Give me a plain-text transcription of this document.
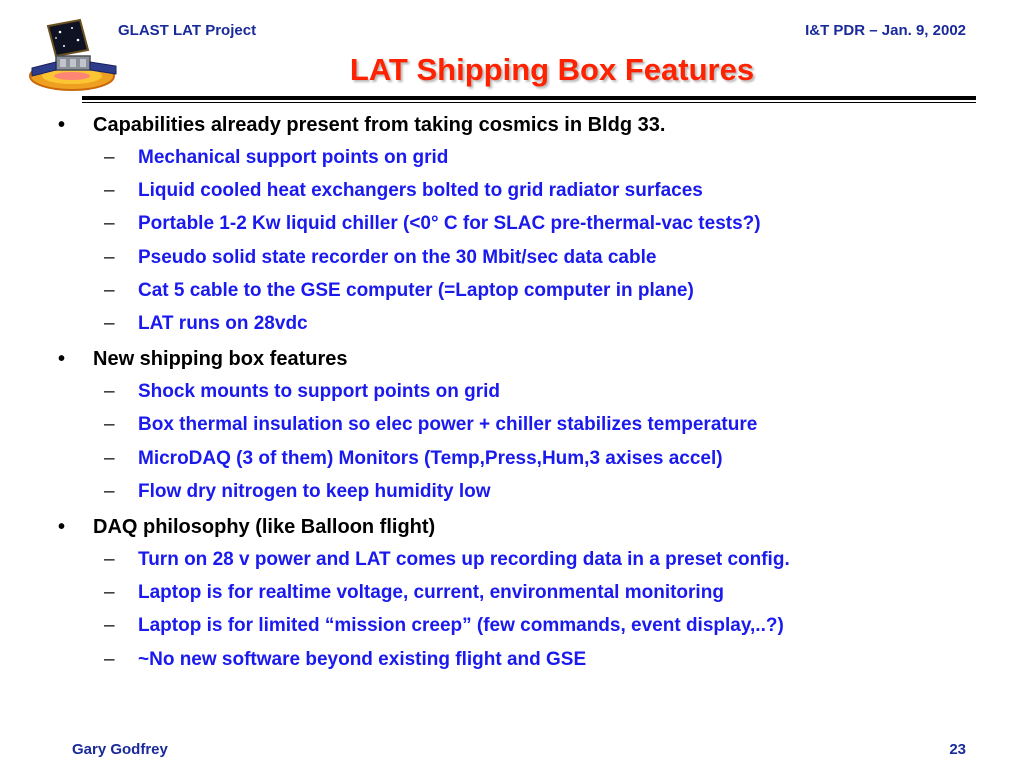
GLAST LAT Project	I&T PDR – Jan. 9, 2002
LAT Shipping Box Features
• Capabilities already present from taking cosmics in Bldg 33.
– Mechanical support points on grid
– Liquid cooled heat exchangers bolted to grid radiator surfaces
– Portable 1-2 Kw liquid chiller (<0° C for SLAC pre-thermal-vac tests?)
– Pseudo solid state recorder on the 30 Mbit/sec data cable
– Cat 5 cable to the GSE computer (=Laptop computer in plane)
– LAT runs on 28vdc
• New shipping box features
– Shock mounts to support points on grid
– Box thermal insulation so elec power + chiller stabilizes temperature
– MicroDAQ (3 of them) Monitors (Temp,Press,Hum,3 axises accel)
– Flow dry nitrogen to keep humidity low
• DAQ philosophy (like Balloon flight)
– Turn on 28 v power and LAT comes up recording data in a preset config.
– Laptop is for realtime voltage, current, environmental monitoring
– Laptop is for limited “mission creep” (few commands, event display,..?)
– ~No new software beyond existing flight and GSE
Gary Godfrey	23
